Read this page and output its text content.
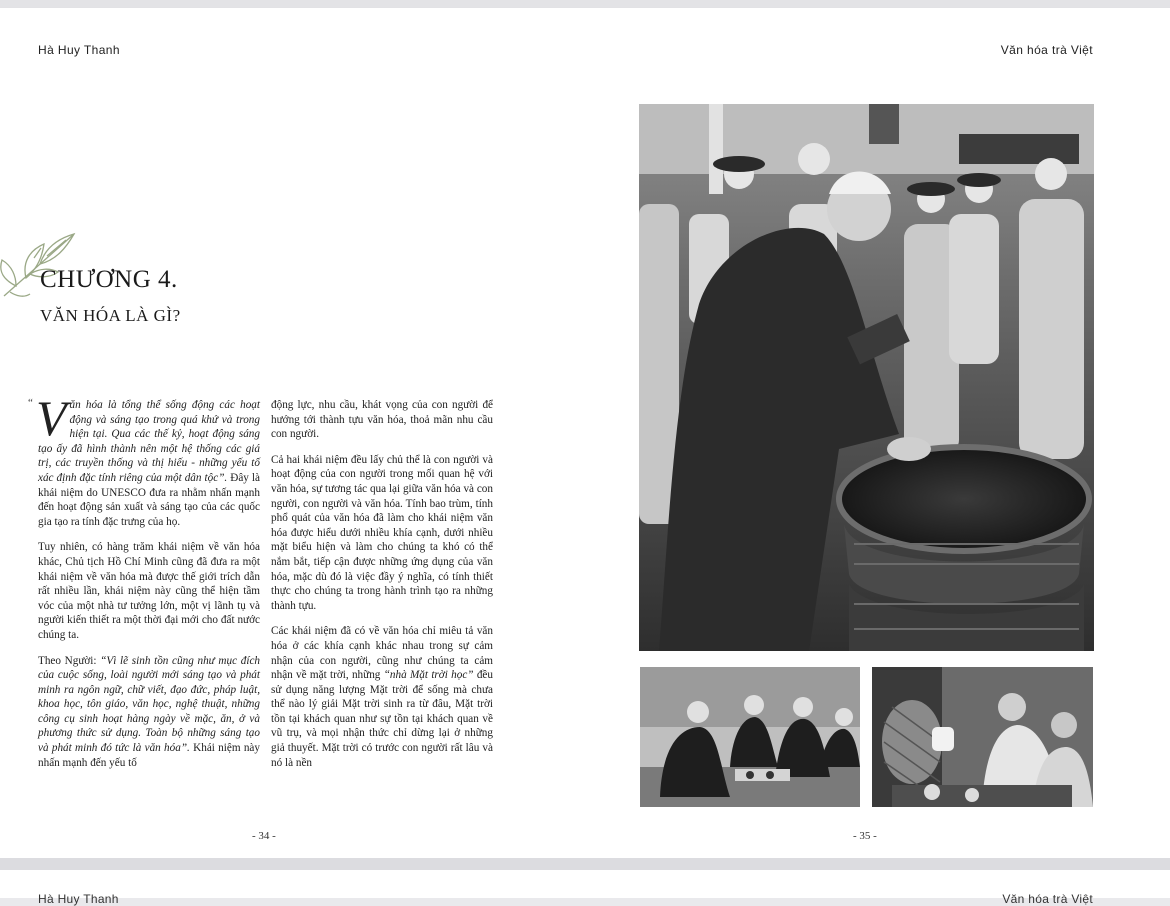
Hà Huy Thanh	Văn hóa trà Việt
CHƯƠNG 4.
VĂN HÓA LÀ GÌ?
“ Văn hóa là tổng thể sống động các hoạt động và sáng tạo trong quá khứ và trong hiện tại. Qua các thế kỷ, hoạt động sáng tạo ấy đã hình thành nên một hệ thống các giá trị, các truyền thống và thị hiếu - những yếu tố xác định đặc tính riêng của một dân tộc”. Đây là khái niệm do UNESCO đưa ra nhằm nhấn mạnh đến hoạt động sản xuất và sáng tạo của các quốc gia tạo ra tính đặc trưng của họ.

Tuy nhiên, có hàng trăm khái niệm về văn hóa khác, Chủ tịch Hồ Chí Minh cũng đã đưa ra một khái niệm về văn hóa mà được thế giới trích dẫn rất nhiều lần, khái niệm này cũng thể hiện tầm vóc của một nhà tư tưởng lớn, một vị lãnh tụ và người kiến thiết ra một thời đại mới cho đất nước chúng ta.

Theo Người: “Vì lẽ sinh tồn cũng như mục đích của cuộc sống, loài người mới sáng tạo và phát minh ra ngôn ngữ, chữ viết, đạo đức, pháp luật, khoa học, tôn giáo, văn học, nghệ thuật, những công cụ sinh hoạt hàng ngày về mặc, ăn, ở và phương thức sử dụng. Toàn bộ những sáng tạo và phát minh đó tức là văn hóa”. Khái niệm này nhấn mạnh đến yếu tố

động lực, nhu cầu, khát vọng của con người để hướng tới thành tựu văn hóa, thoả mãn nhu cầu con người.

Cả hai khái niệm đều lấy chủ thể là con người và hoạt động của con người trong mối quan hệ với văn hóa, sự tương tác qua lại giữa văn hóa và con người, con người và văn hóa. Tính bao trùm, tính phổ quát của văn hóa đã làm cho khái niệm văn hóa được hiểu dưới nhiều khía cạnh, dưới nhiều mặt biểu hiện và làm cho chúng ta khó có thể nắm bắt, tiếp cận được những ứng dụng của văn hóa, mặc dù đó là việc đầy ý nghĩa, có tính thiết thực cho chúng ta trong hành trình tạo ra những thành tựu.

Các khái niệm đã có về văn hóa chỉ miêu tả văn hóa ở các khía cạnh khác nhau trong sự cảm nhận của con người, cũng như chúng ta cảm nhận về mặt trời, những “nhà Mặt trời học” đều sử dụng năng lượng Mặt trời để sống mà chưa thể nào lý giải Mặt trời sinh ra từ đâu, Mặt trời tồn tại khách quan như sự tồn tại khách quan về vũ trụ, và mọi nhận thức chỉ dừng lại ở những giả thuyết. Mặt trời có trước con người rất lâu và nó là nền

- 34 -	- 35 -
Hà Huy Thanh	Văn hóa trà Việt
